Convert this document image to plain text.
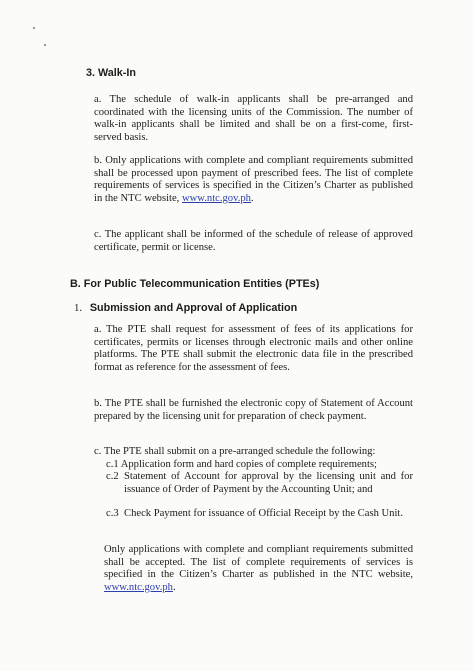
3. Walk-In
a. The schedule of walk-in applicants shall be pre-arranged and coordinated with the licensing units of the Commission. The number of walk-in applicants shall be limited and shall be on a first-come, first-served basis.
b. Only applications with complete and compliant requirements submitted shall be processed upon payment of prescribed fees. The list of complete requirements of services is specified in the Citizen’s Charter as published in the NTC website, www.ntc.gov.ph.
c. The applicant shall be informed of the schedule of release of approved certificate, permit or license.
B. For Public Telecommunication Entities (PTEs)
1. Submission and Approval of Application
a. The PTE shall request for assessment of fees of its applications for certificates, permits or licenses through electronic mails and other online platforms. The PTE shall submit the electronic data file in the prescribed format as reference for the assessment of fees.
b. The PTE shall be furnished the electronic copy of Statement of Account prepared by the licensing unit for preparation of check payment.
c. The PTE shall submit on a pre-arranged schedule the following:
c.1 Application form and hard copies of complete requirements;
c.2 Statement of Account for approval by the licensing unit and for issuance of Order of Payment by the Accounting Unit; and
c.3 Check Payment for issuance of Official Receipt by the Cash Unit.
Only applications with complete and compliant requirements submitted shall be accepted. The list of complete requirements of services is specified in the Citizen’s Charter as published in the NTC website, www.ntc.gov.ph.
